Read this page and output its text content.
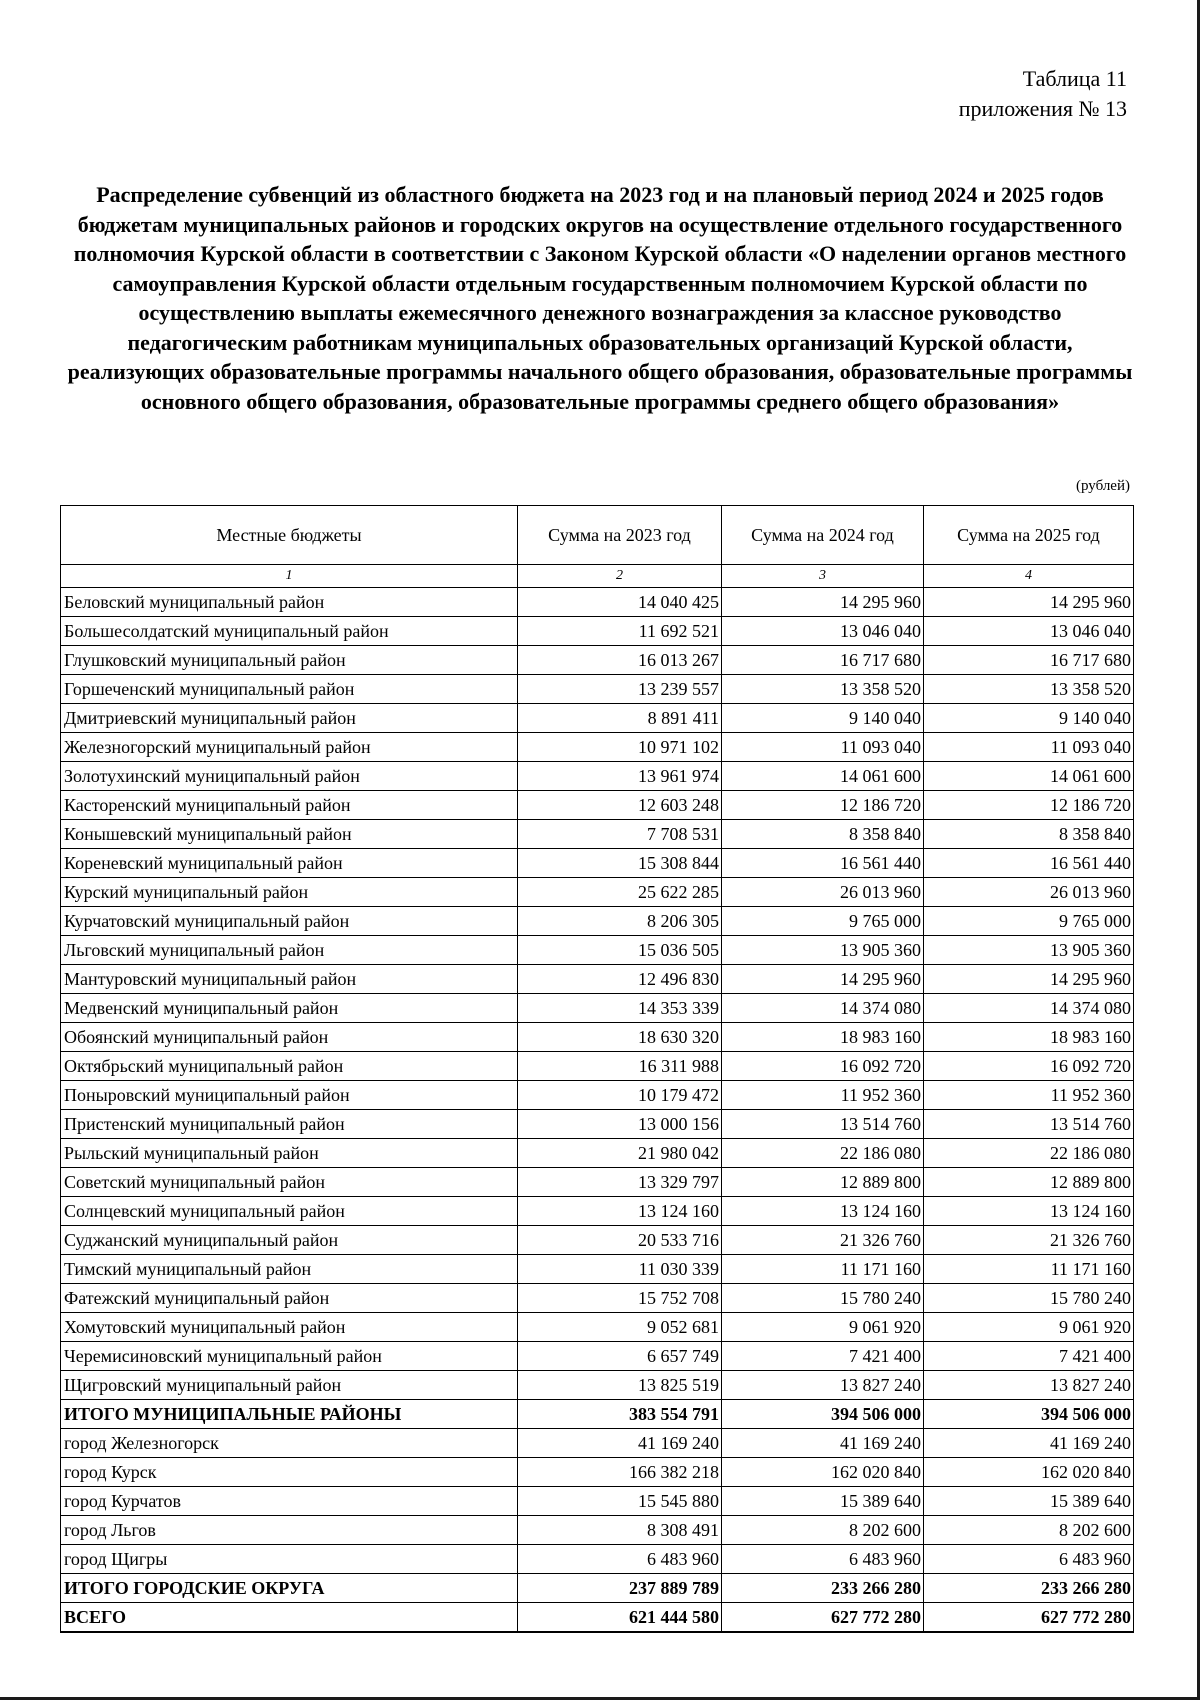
Таблица 11
приложения № 13
Распределение субвенций из областного бюджета на 2023 год и на плановый период 2024 и 2025 годов бюджетам муниципальных районов и городских округов на осуществление отдельного государственного полномочия Курской области в соответствии с Законом Курской области «О наделении органов местного самоуправления Курской области отдельным государственным полномочием Курской области по осуществлению выплаты ежемесячного денежного вознаграждения за классное руководство педагогическим работникам муниципальных образовательных организаций Курской области, реализующих образовательные программы начального общего образования, образовательные программы основного общего образования, образовательные программы среднего общего образования»
(рублей)
Местные бюджеты	Сумма на 2023 год	Сумма на 2024 год	Сумма на 2025 год
1	2	3	4
Беловский муниципальный район	14 040 425	14 295 960	14 295 960
Большесолдатский муниципальный район	11 692 521	13 046 040	13 046 040
Глушковский муниципальный район	16 013 267	16 717 680	16 717 680
Горшеченский муниципальный район	13 239 557	13 358 520	13 358 520
Дмитриевский муниципальный район	8 891 411	9 140 040	9 140 040
Железногорский муниципальный район	10 971 102	11 093 040	11 093 040
Золотухинский муниципальный район	13 961 974	14 061 600	14 061 600
Касторенский муниципальный район	12 603 248	12 186 720	12 186 720
Конышевский муниципальный район	7 708 531	8 358 840	8 358 840
Кореневский муниципальный район	15 308 844	16 561 440	16 561 440
Курский муниципальный район	25 622 285	26 013 960	26 013 960
Курчатовский муниципальный район	8 206 305	9 765 000	9 765 000
Льговский муниципальный район	15 036 505	13 905 360	13 905 360
Мантуровский муниципальный район	12 496 830	14 295 960	14 295 960
Медвенский муниципальный район	14 353 339	14 374 080	14 374 080
Обоянский муниципальный район	18 630 320	18 983 160	18 983 160
Октябрьский муниципальный район	16 311 988	16 092 720	16 092 720
Поныровский муниципальный район	10 179 472	11 952 360	11 952 360
Пристенский муниципальный район	13 000 156	13 514 760	13 514 760
Рыльский муниципальный район	21 980 042	22 186 080	22 186 080
Советский муниципальный район	13 329 797	12 889 800	12 889 800
Солнцевский муниципальный район	13 124 160	13 124 160	13 124 160
Суджанский муниципальный район	20 533 716	21 326 760	21 326 760
Тимский муниципальный район	11 030 339	11 171 160	11 171 160
Фатежский муниципальный район	15 752 708	15 780 240	15 780 240
Хомутовский муниципальный район	9 052 681	9 061 920	9 061 920
Черемисиновский муниципальный район	6 657 749	7 421 400	7 421 400
Щигровский муниципальный район	13 825 519	13 827 240	13 827 240
ИТОГО МУНИЦИПАЛЬНЫЕ РАЙОНЫ	383 554 791	394 506 000	394 506 000
город Железногорск	41 169 240	41 169 240	41 169 240
город Курск	166 382 218	162 020 840	162 020 840
город Курчатов	15 545 880	15 389 640	15 389 640
город Льгов	8 308 491	8 202 600	8 202 600
город Щигры	6 483 960	6 483 960	6 483 960
ИТОГО ГОРОДСКИЕ ОКРУГА	237 889 789	233 266 280	233 266 280
ВСЕГО	621 444 580	627 772 280	627 772 280
